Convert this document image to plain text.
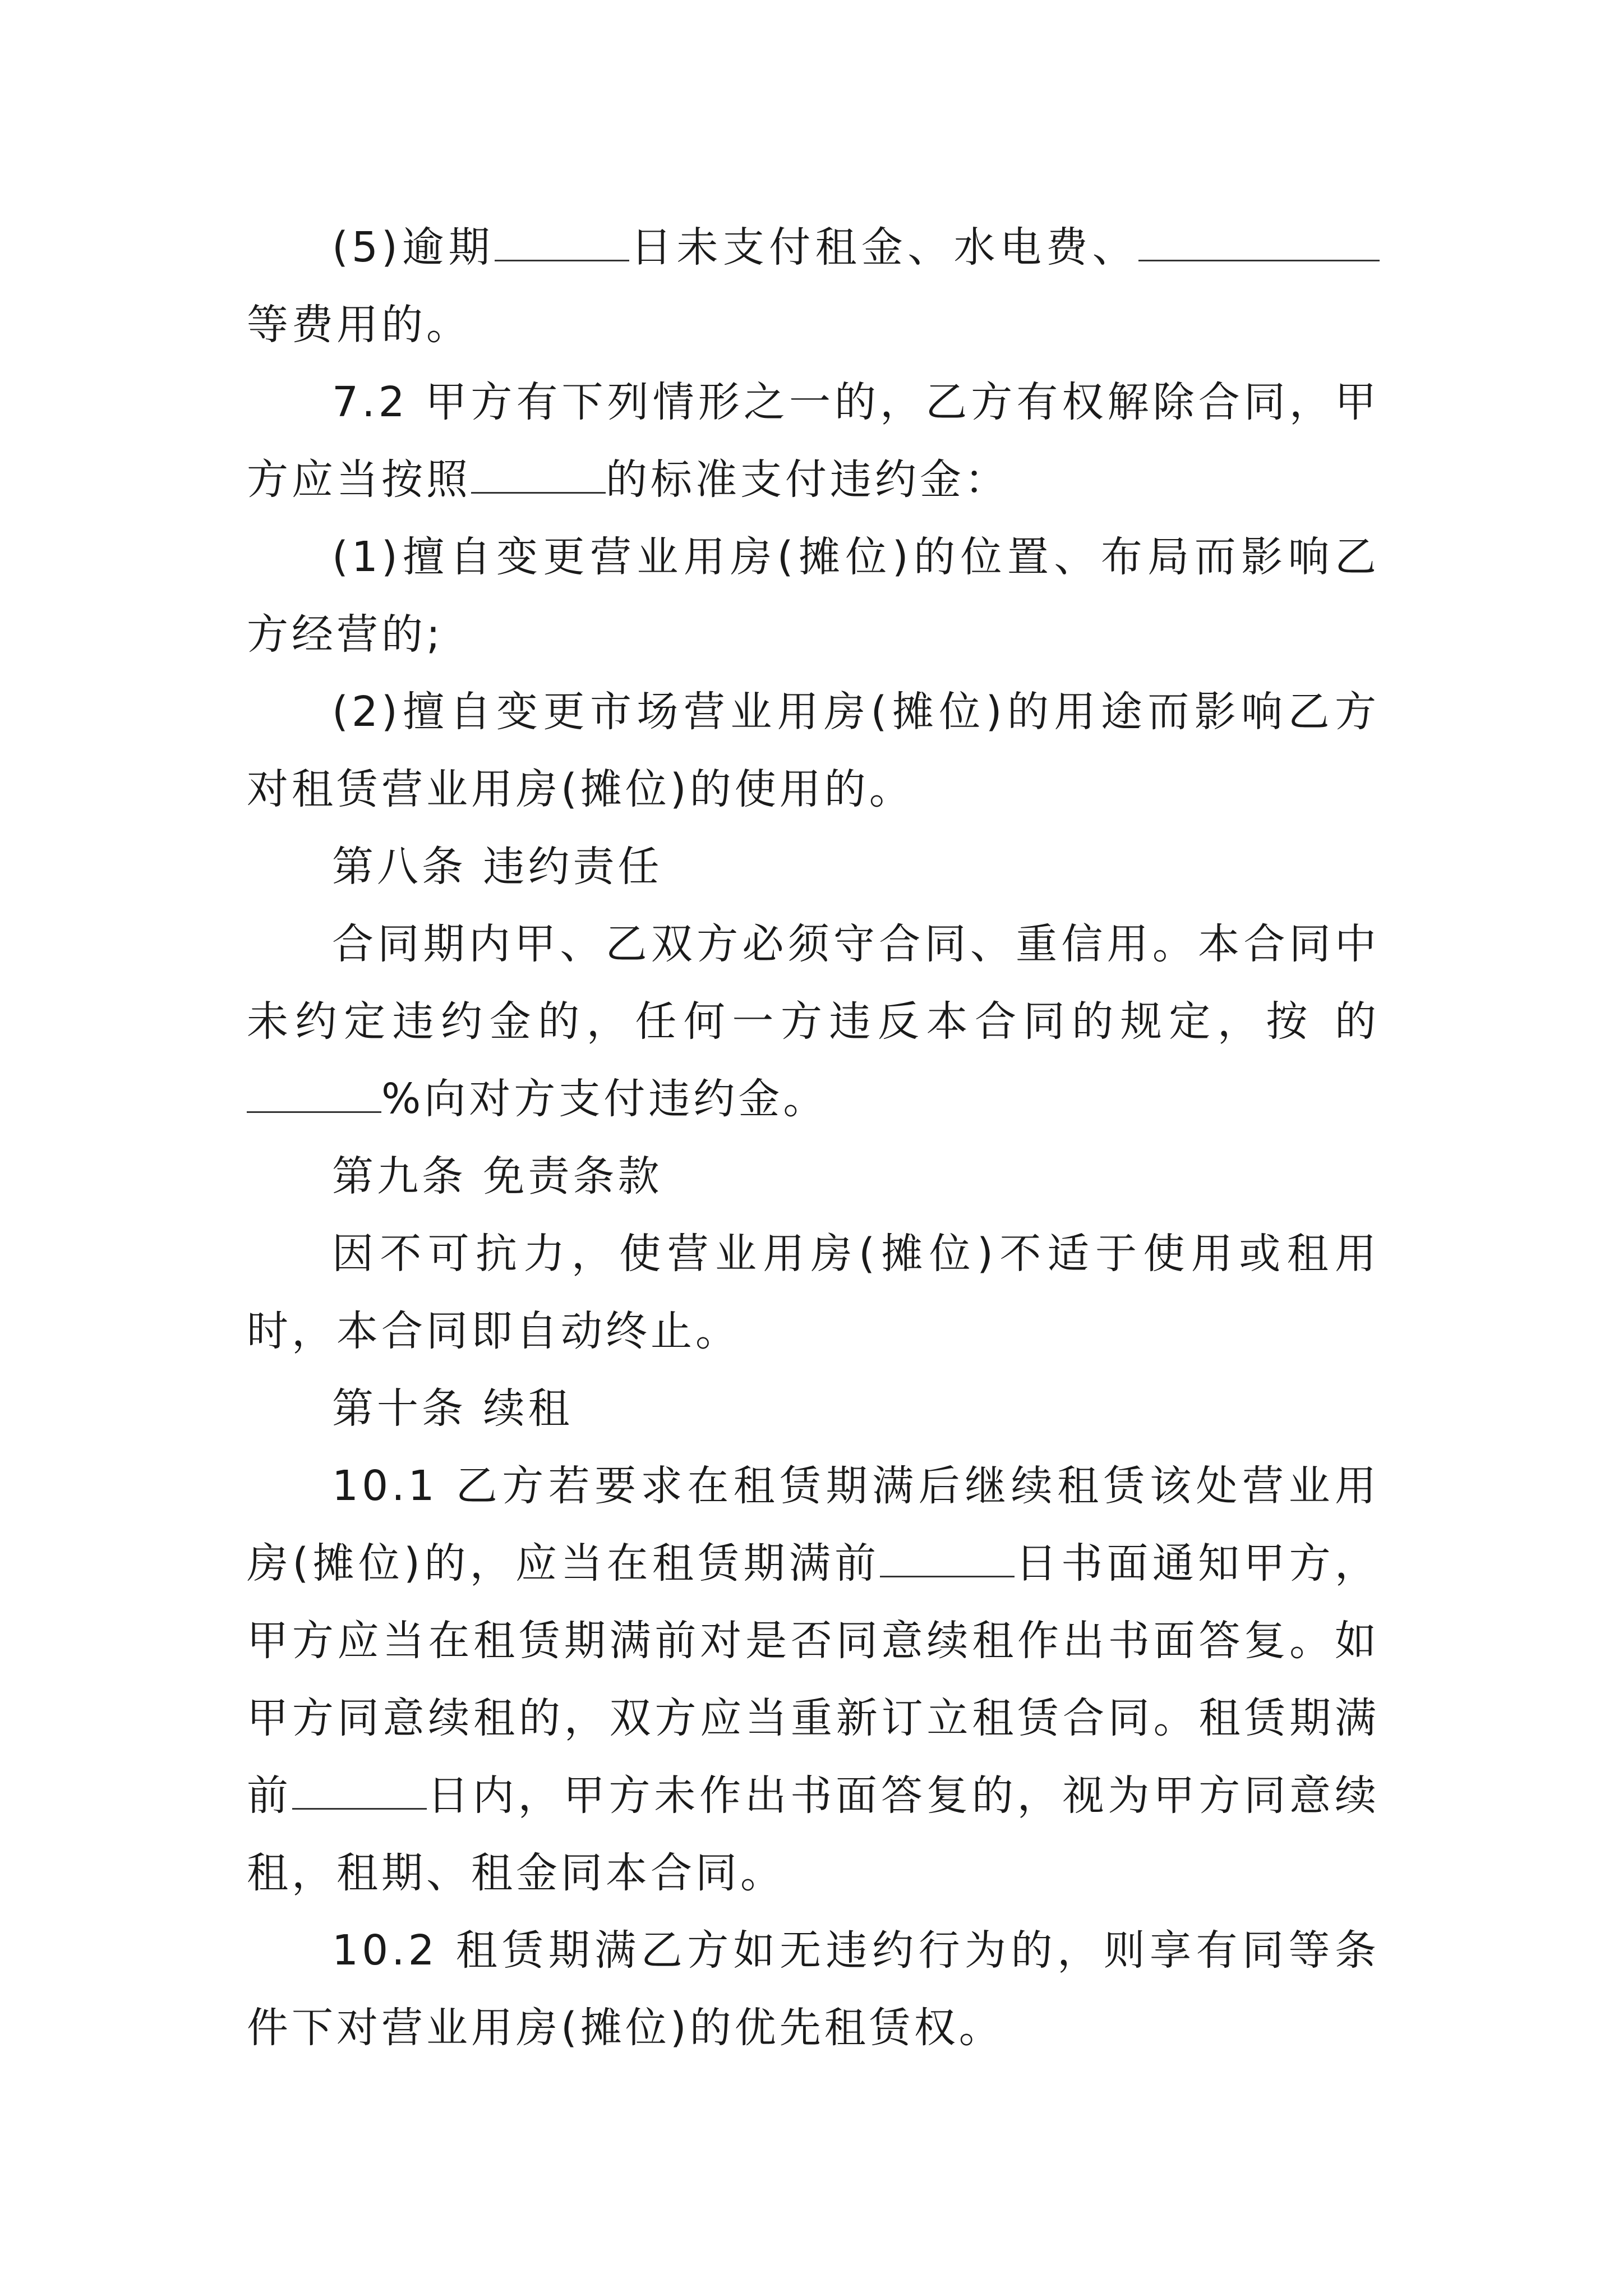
(5)逾期	日未支付租金、水电费、等费用的。

7.2 甲方有下列情形之一的，乙方有权解除合同，甲方应当按照	的标准支付违约金：

(1)擅自变更营业用房(摊位)的位置、布局而影响乙方经营的;

(2)擅自变更市场营业用房(摊位)的用途而影响乙方对租赁营业用房(摊位)的使用的。

第八条 违约责任

合同期内甲、乙双方必须守合同、重信用。本合同中未约定违约金的，任何一方违反本合同的规定，按 的%向对方支付违约金。

第九条 免责条款

因不可抗力，使营业用房(摊位)不适于使用或租用时，本合同即自动终止。

第十条 续租

10.1 乙方若要求在租赁期满后继续租赁该处营业用房(摊位)的，应当在租赁期满前	日书面通知甲方，甲方应当在租赁期满前对是否同意续租作出书面答复。如甲方同意续租的，双方应当重新订立租赁合同。租赁期满前	日内，甲方未作出书面答复的，视为甲方同意续租，租期、租金同本合同。

10.2 租赁期满乙方如无违约行为的，则享有同等条件下对营业用房(摊位)的优先租赁权。
